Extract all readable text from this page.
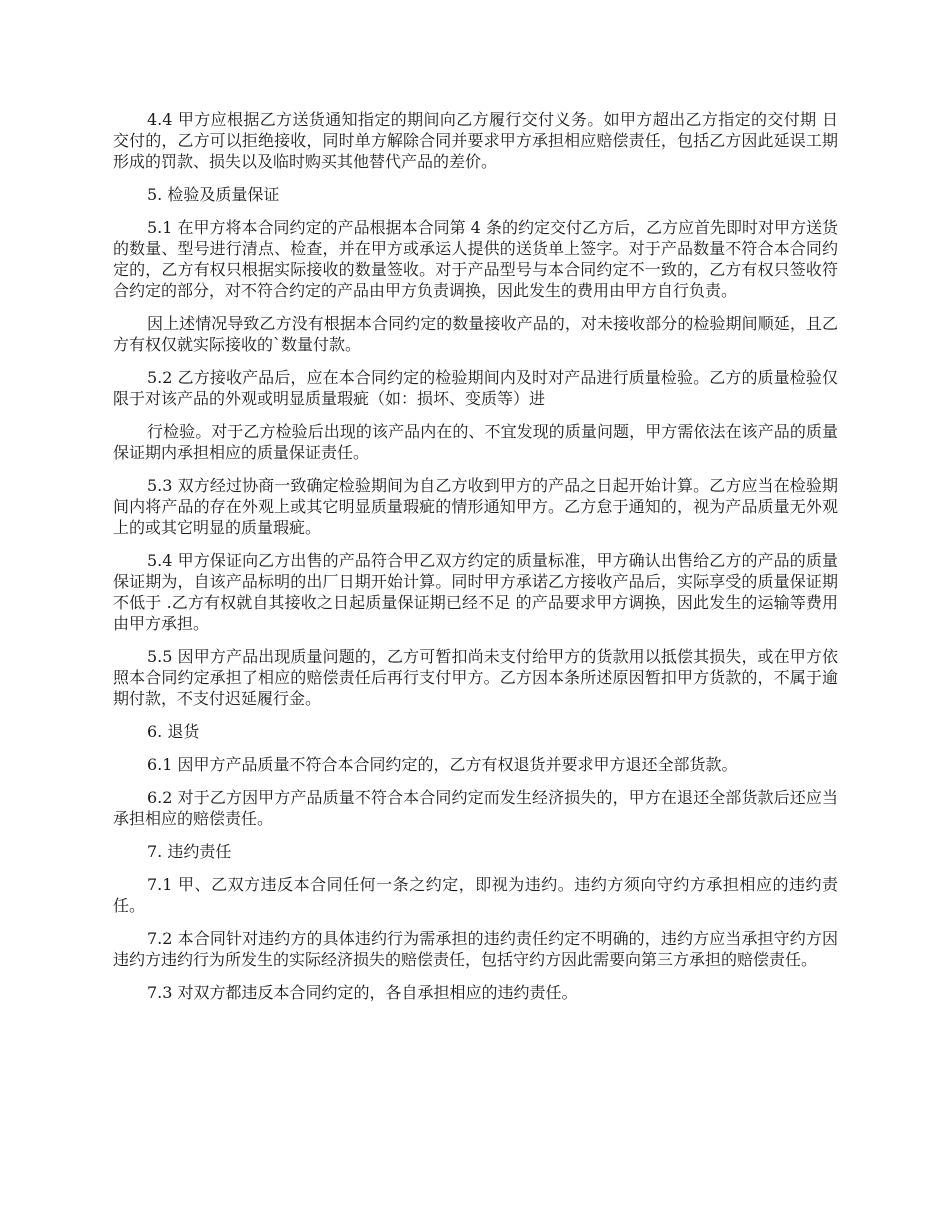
4.4 甲方应根据乙方送货通知指定的期间向乙方履行交付义务。如甲方超出乙方指定的交付期 日交付的，乙方可以拒绝接收，同时单方解除合同并要求甲方承担相应赔偿责任，包括乙方因此延误工期形成的罚款、损失以及临时购买其他替代产品的差价。

5. 检验及质量保证

5.1 在甲方将本合同约定的产品根据本合同第 4 条的约定交付乙方后，乙方应首先即时对甲方送货的数量、型号进行清点、检查，并在甲方或承运人提供的送货单上签字。对于产品数量不符合本合同约定的，乙方有权只根据实际接收的数量签收。对于产品型号与本合同约定不一致的，乙方有权只签收符合约定的部分，对不符合约定的产品由甲方负责调换，因此发生的费用由甲方自行负责。

因上述情况导致乙方没有根据本合同约定的数量接收产品的，对未接收部分的检验期间顺延，且乙方有权仅就实际接收的`数量付款。

5.2 乙方接收产品后，应在本合同约定的检验期间内及时对产品进行质量检验。乙方的质量检验仅限于对该产品的外观或明显质量瑕疵（如：损坏、变质等）进

行检验。对于乙方检验后出现的该产品内在的、不宜发现的质量问题，甲方需依法在该产品的质量保证期内承担相应的质量保证责任。

5.3 双方经过协商一致确定检验期间为自乙方收到甲方的产品之日起开始计算。乙方应当在检验期间内将产品的存在外观上或其它明显质量瑕疵的情形通知甲方。乙方怠于通知的，视为产品质量无外观上的或其它明显的质量瑕疵。

5.4 甲方保证向乙方出售的产品符合甲乙双方约定的质量标准，甲方确认出售给乙方的产品的质量保证期为，自该产品标明的出厂日期开始计算。同时甲方承诺乙方接收产品后，实际享受的质量保证期不低于 .乙方有权就自其接收之日起质量保证期已经不足 的产品要求甲方调换，因此发生的运输等费用由甲方承担。

5.5 因甲方产品出现质量问题的，乙方可暂扣尚未支付给甲方的货款用以抵偿其损失，或在甲方依照本合同约定承担了相应的赔偿责任后再行支付甲方。乙方因本条所述原因暂扣甲方货款的，不属于逾期付款，不支付迟延履行金。

6. 退货

6.1 因甲方产品质量不符合本合同约定的，乙方有权退货并要求甲方退还全部货款。

6.2 对于乙方因甲方产品质量不符合本合同约定而发生经济损失的，甲方在退还全部货款后还应当承担相应的赔偿责任。

7. 违约责任

7.1 甲、乙双方违反本合同任何一条之约定，即视为违约。违约方须向守约方承担相应的违约责任。

7.2 本合同针对违约方的具体违约行为需承担的违约责任约定不明确的，违约方应当承担守约方因违约方违约行为所发生的实际经济损失的赔偿责任，包括守约方因此需要向第三方承担的赔偿责任。

7.3 对双方都违反本合同约定的，各自承担相应的违约责任。
